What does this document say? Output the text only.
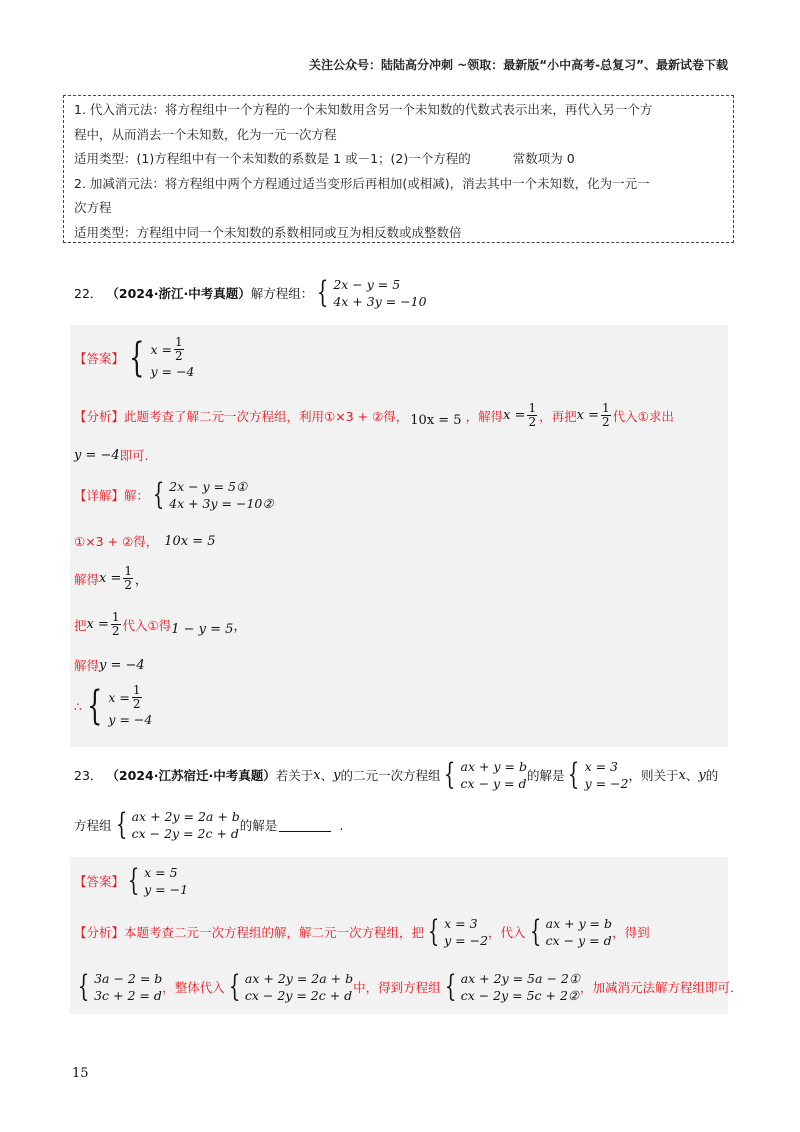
关注公众号：陆陆高分冲刺 ~领取：最新版“小中高考-总复习”、最新试卷下载
1. 代入消元法：将方程组中一个方程的一个未知数用含另一个未知数的代数式表示出来，再代入另一个方
程中，从而消去一个未知数，化为一元一次方程
适用类型：(1)方程组中有一个未知数的系数是 1 或－1；(2)一个方程的	常数项为 0
2. 加减消元法：将方程组中两个方程通过适当变形后再相加(或相减)，消去其中一个未知数，化为一元一
次方程
适用类型：方程组中同一个未知数的系数相同或互为相反数或成整数倍
22． （2024·浙江·中考真题） 解方程组： { 2x − y = 5
4x + 3y = −10
【答案】 { $x = \frac{1}{2}$
y = −4
【分析】 此题考查了解二元一次方程组，利用①×3 + ②得， 10x = 5 ，解得 $x = \frac{1}{2}$ ，再把 $x = \frac{1}{2}$ 代入①求出
y = −4 即可.
【详解】 解： { 2x − y = 5①
4x + 3y = −10②
①×3 + ②得， 10x = 5
解得 $x = \frac{1}{2}$ ，
把 $x = \frac{1}{2}$ 代入①得 1 − y = 5 ，
解得 y = −4
∴ { $x = \frac{1}{2}$
y = −4
23． （2024·江苏宿迁·中考真题） 若关于 x 、 y 的二元一次方程组 { ax + y = b
cx − y = d
的解是 { x = 3
y = −2
，则关于 x 、 y 的
方程组 { ax + 2y = 2a + b
cx − 2y = 2c + d
的解是	.
【答案】 { x = 5
y = −1
【分析】 本题考查二元一次方程组的解，解二元一次方程组，把 { x = 3
y = −2
，代入 { ax + y = b
cx − y = d
，得到
{ 3a − 2 = b
3c + 2 = d
，整体代入 { ax + 2y = 2a + b
cx − 2y = 2c + d
中，得到方程组 { ax + 2y = 5a − 2①
cx − 2y = 5c + 2②
，加减消元法解方程组即可．
15
